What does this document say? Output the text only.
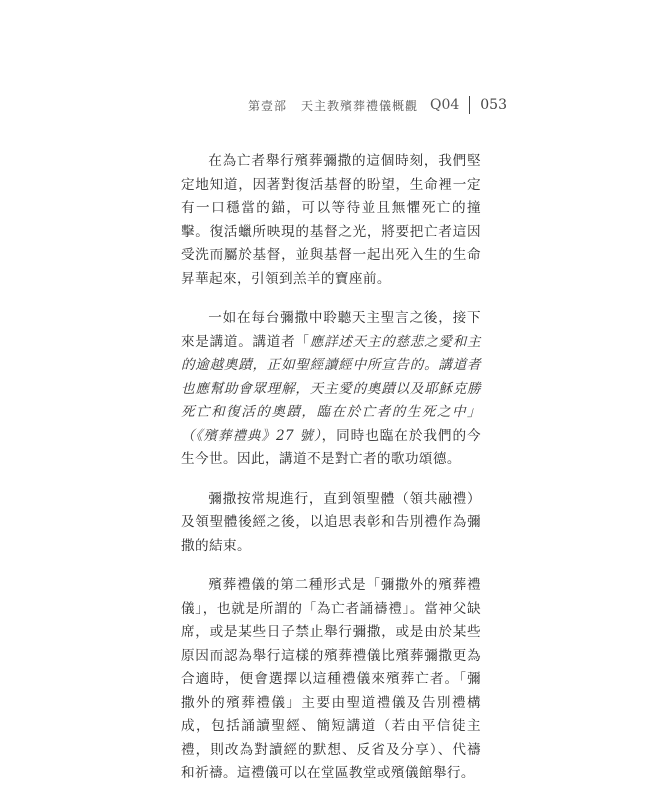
第壹部 天主教殯葬禮儀概觀 Q04 053

在為亡者舉行殯葬彌撒的這個時刻，我們堅定地知道，因著對復活基督的盼望，生命裡一定有一口穩當的錨，可以等待並且無懼死亡的撞擊。復活蠟所映現的基督之光，將要把亡者這因受洗而屬於基督，並與基督一起出死入生的生命昇華起來，引領到羔羊的寶座前。

一如在每台彌撒中聆聽天主聖言之後，接下來是講道。講道者「應詳述天主的慈悲之愛和主的逾越奧蹟，正如聖經讀經中所宣告的。講道者也應幫助會眾理解，天主愛的奧蹟以及耶穌克勝死亡和復活的奧蹟，臨在於亡者的生死之中」（《殯葬禮典》27 號），同時也臨在於我們的今生今世。因此，講道不是對亡者的歌功頌德。

彌撒按常規進行，直到領聖體（領共融禮）及領聖體後經之後，以追思表彰和告別禮作為彌撒的結束。

殯葬禮儀的第二種形式是「彌撒外的殯葬禮儀」，也就是所謂的「為亡者誦禱禮」。當神父缺席，或是某些日子禁止舉行彌撒，或是由於某些原因而認為舉行這樣的殯葬禮儀比殯葬彌撒更為合適時，便會選擇以這種禮儀來殯葬亡者。「彌撒外的殯葬禮儀」主要由聖道禮儀及告別禮構成，包括誦讀聖經、簡短講道（若由平信徒主禮，則改為對讀經的默想、反省及分享）、代禱和祈禱。這禮儀可以在堂區教堂或殯儀館舉行。
